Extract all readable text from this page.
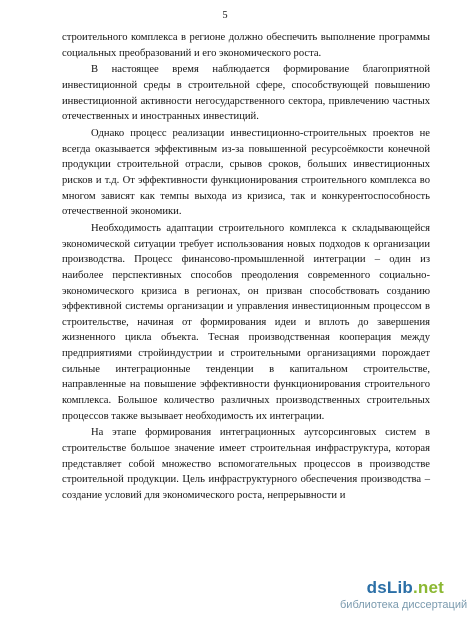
5

строительного комплекса в регионе должно обеспечить выполнение программы социальных преобразований и его экономического роста.

В настоящее время наблюдается формирование благоприятной инвестиционной среды в строительной сфере, способствующей повышению инвестиционной активности негосударственного сектора, привлечению частных отечественных и иностранных инвестиций.

Однако процесс реализации инвестиционно-строительных проектов не всегда оказывается эффективным из-за повышенной ресурсоёмкости конечной продукции строительной отрасли, срывов сроков, больших инвестиционных рисков и т.д. От эффективности функционирования строительного комплекса во многом зависят как темпы выхода из кризиса, так и конкурентоспособность отечественной экономики.

Необходимость адаптации строительного комплекса к складывающейся экономической ситуации требует использования новых подходов к организации производства. Процесс финансово-промышленной интеграции – один из наиболее перспективных способов преодоления современного социально-экономического кризиса в регионах, он призван способствовать созданию эффективной системы организации и управления инвестиционным процессом в строительстве, начиная от формирования идеи и вплоть до завершения жизненного цикла объекта. Тесная производственная кооперация между предприятиями стройиндустрии и строительными организациями порождает сильные интеграционные тенденции в капитальном строительстве, направленные на повышение эффективности функционирования строительного комплекса. Большое количество различных производственных строительных процессов также вызывает необходимость их интеграции.

На этапе формирования интеграционных аутсорсинговых систем в строительстве большое значение имеет строительная инфраструктура, которая представляет собой множество вспомогательных процессов в производстве строительной продукции. Цель инфраструктурного обеспечения производства – создание условий для экономического роста, непрерывности и

dsLib.net
библиотека диссертаций
